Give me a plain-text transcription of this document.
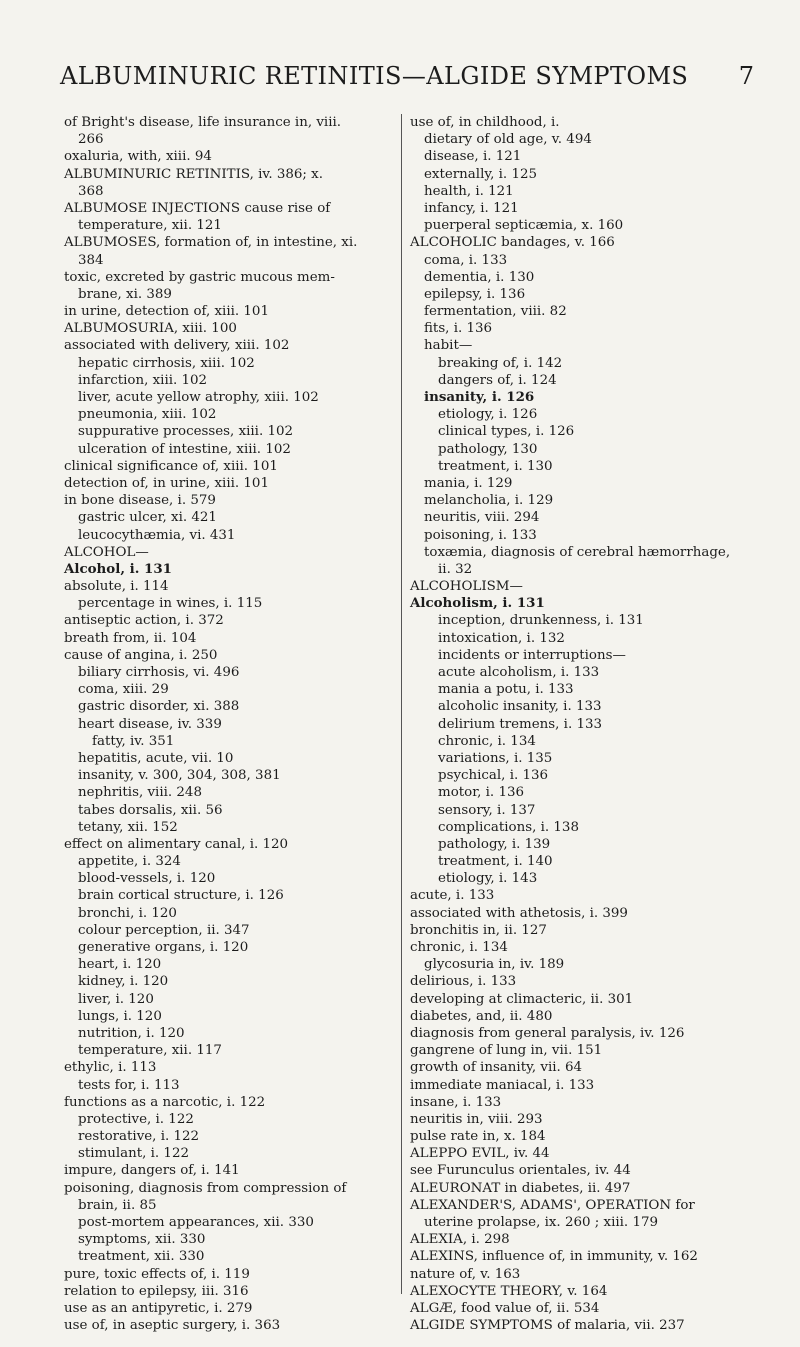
ALBUMINURIC RETINITIS—ALGIDE SYMPTOMS 7
of Bright's disease, life insurance in, viii.
266
oxaluria, with, xiii. 94
ALBUMINURIC RETINITIS, iv. 386; x.
368
ALBUMOSE INJECTIONS cause rise of
temperature, xii. 121
ALBUMOSES, formation of, in intestine, xi.
384
toxic, excreted by gastric mucous mem-
brane, xi. 389
in urine, detection of, xiii. 101
ALBUMOSURIA, xiii. 100
associated with delivery, xiii. 102
hepatic cirrhosis, xiii. 102
infarction, xiii. 102
liver, acute yellow atrophy, xiii. 102
pneumonia, xiii. 102
suppurative processes, xiii. 102
ulceration of intestine, xiii. 102
clinical significance of, xiii. 101
detection of, in urine, xiii. 101
in bone disease, i. 579
gastric ulcer, xi. 421
leucocythæmia, vi. 431
ALCOHOL—
Alcohol, i. 131
absolute, i. 114
percentage in wines, i. 115
antiseptic action, i. 372
breath from, ii. 104
cause of angina, i. 250
biliary cirrhosis, vi. 496
coma, xiii. 29
gastric disorder, xi. 388
heart disease, iv. 339
fatty, iv. 351
hepatitis, acute, vii. 10
insanity, v. 300, 304, 308, 381
nephritis, viii. 248
tabes dorsalis, xii. 56
tetany, xii. 152
effect on alimentary canal, i. 120
appetite, i. 324
blood-vessels, i. 120
brain cortical structure, i. 126
bronchi, i. 120
colour perception, ii. 347
generative organs, i. 120
heart, i. 120
kidney, i. 120
liver, i. 120
lungs, i. 120
nutrition, i. 120
temperature, xii. 117
ethylic, i. 113
tests for, i. 113
functions as a narcotic, i. 122
protective, i. 122
restorative, i. 122
stimulant, i. 122
impure, dangers of, i. 141
poisoning, diagnosis from compression of
brain, ii. 85
post-mortem appearances, xii. 330
symptoms, xii. 330
treatment, xii. 330
pure, toxic effects of, i. 119
relation to epilepsy, iii. 316
use as an antipyretic, i. 279
use of, in aseptic surgery, i. 363
use of, in childhood, i.
dietary of old age, v. 494
disease, i. 121
externally, i. 125
health, i. 121
infancy, i. 121
puerperal septicæmia, x. 160
ALCOHOLIC bandages, v. 166
coma, i. 133
dementia, i. 130
epilepsy, i. 136
fermentation, viii. 82
fits, i. 136
habit—
breaking of, i. 142
dangers of, i. 124
insanity, i. 126
etiology, i. 126
clinical types, i. 126
pathology, 130
treatment, i. 130
mania, i. 129
melancholia, i. 129
neuritis, viii. 294
poisoning, i. 133
toxæmia, diagnosis of cerebral hæmorrhage,
ii. 32
ALCOHOLISM—
Alcoholism, i. 131
inception, drunkenness, i. 131
intoxication, i. 132
incidents or interruptions—
acute alcoholism, i. 133
mania a potu, i. 133
alcoholic insanity, i. 133
delirium tremens, i. 133
chronic, i. 134
variations, i. 135
psychical, i. 136
motor, i. 136
sensory, i. 137
complications, i. 138
pathology, i. 139
treatment, i. 140
etiology, i. 143
acute, i. 133
associated with athetosis, i. 399
bronchitis in, ii. 127
chronic, i. 134
glycosuria in, iv. 189
delirious, i. 133
developing at climacteric, ii. 301
diabetes, and, ii. 480
diagnosis from general paralysis, iv. 126
gangrene of lung in, vii. 151
growth of insanity, vii. 64
immediate maniacal, i. 133
insane, i. 133
neuritis in, viii. 293
pulse rate in, x. 184
ALEPPO EVIL, iv. 44
see Furunculus orientales, iv. 44
ALEURONAT in diabetes, ii. 497
ALEXANDER'S, ADAMS', OPERATION for
uterine prolapse, ix. 260 ; xiii. 179
ALEXIA, i. 298
ALEXINS, influence of, in immunity, v. 162
nature of, v. 163
ALEXOCYTE THEORY, v. 164
ALGÆ, food value of, ii. 534
ALGIDE SYMPTOMS of malaria, vii. 237
